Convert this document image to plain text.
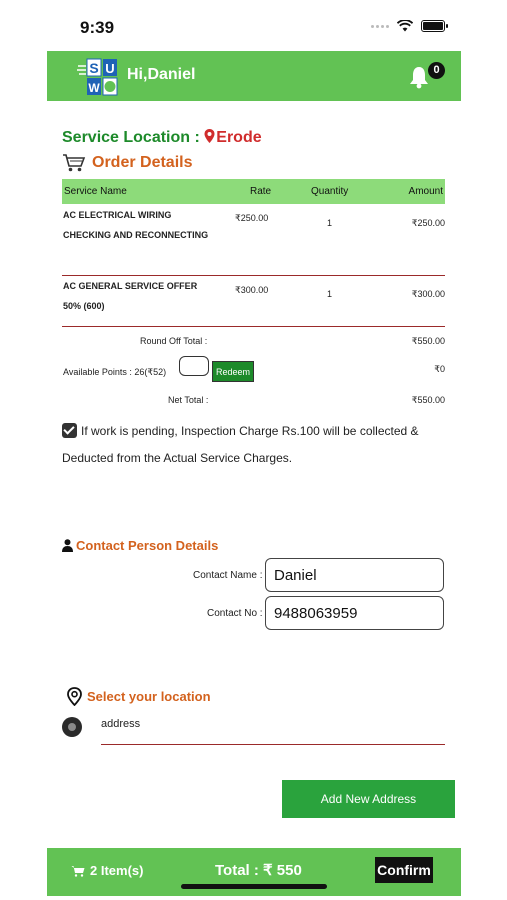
9:39
S U
W
Hi,Daniel	0
Service Location : Erode
Order Details
Service Name	Rate	Quantity	Amount
AC ELECTRICAL WIRING CHECKING AND RECONNECTING
₹250.00	1	₹250.00
AC GENERAL SERVICE OFFER 50% (600)
₹300.00	1	₹300.00
Round Off Total :	₹550.00
Available Points : 26(₹52)	Redeem	₹0
Net Total :	₹550.00
If work is pending, Inspection Charge Rs.100 will be collected & Deducted from the Actual Service Charges.
Contact Person Details
Contact Name :
Daniel
Contact No :
9488063959
Select your location
address
Add New Address
2 Item(s)	Total : ₹ 550	Confirm
